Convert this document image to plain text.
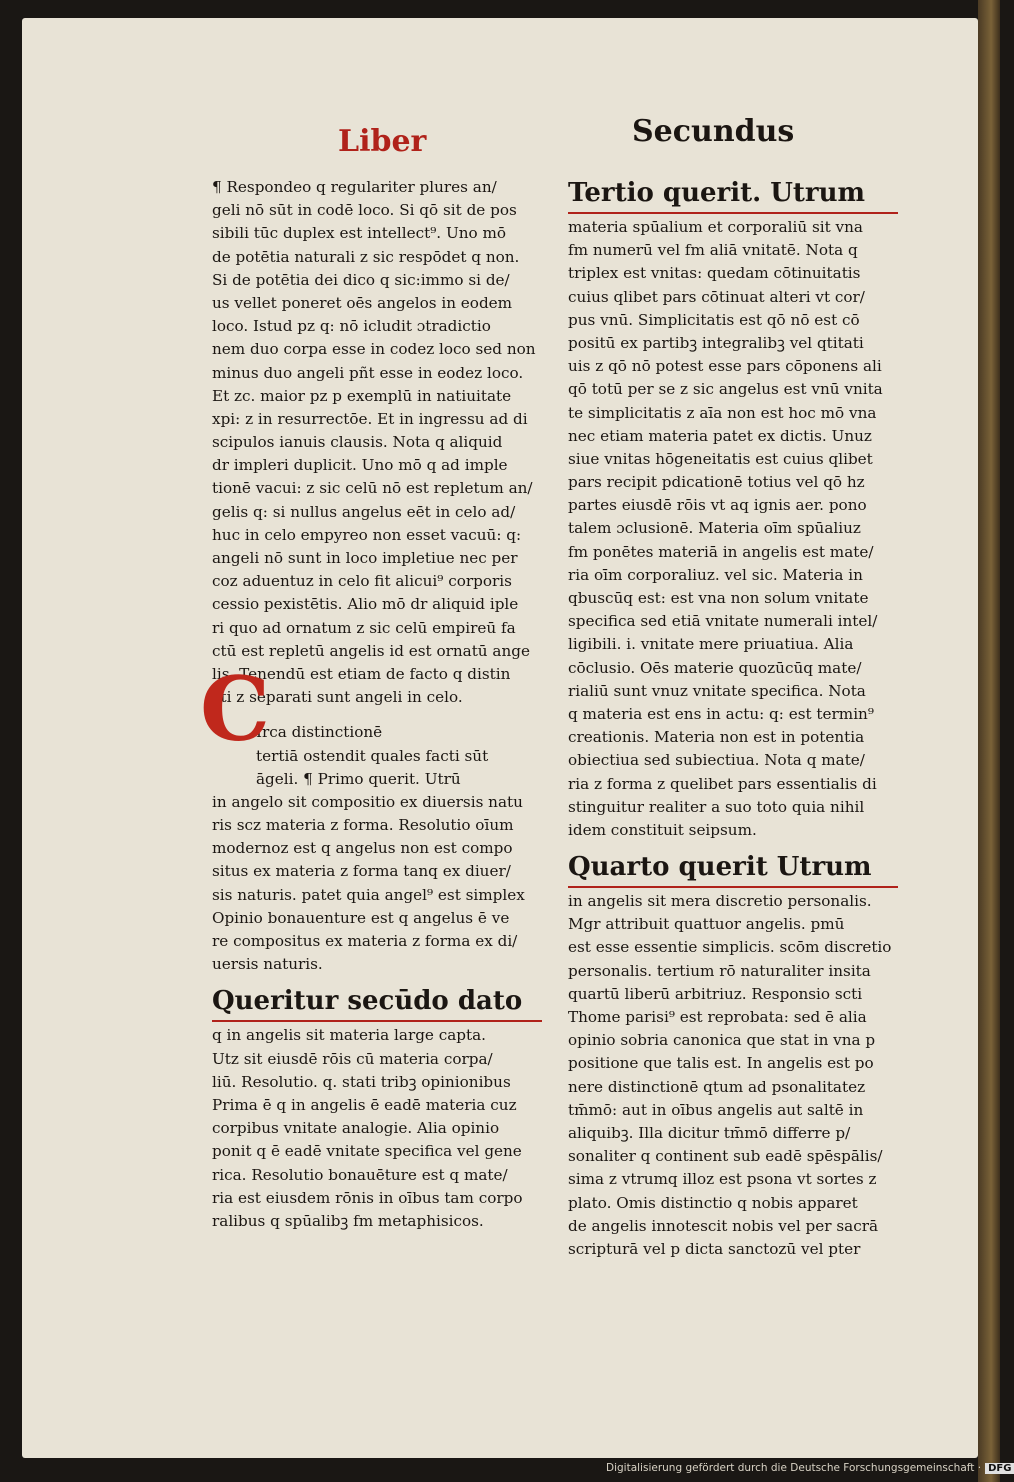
Liber	Secundus
¶ Respondeo q regulariter plures an/
geli nō sūt in codē loco. Si qō sit de pos
sibili tūc duplex est intellect⁹. Uno mō
de potētia naturali z sic respōdet q non.
Si de potētia dei dico q sic:immo si de/
us vellet poneret oēs angelos in eodem
loco. Istud pz q: nō icludit ɔtradictio
nem duo corpa esse in codez loco sed non
minus duo angeli pñt esse in eodez loco.
Et zc. maior pz p exemplū in natiuitate
xpi: z in resurrectōe. Et in ingressu ad di
scipulos ianuis clausis. Nota q aliquid
dr impleri duplicit. Uno mō q ad imple
tionē vacui: z sic celū nō est repletum an/
gelis q: si nullus angelus eēt in celo ad/
huc in celo empyreo non esset vacuū: q:
angeli nō sunt in loco impletiue nec per
coz aduentuz in celo fit alicui⁹ corporis
cessio pexistētis. Alio mō dr aliquid iple
ri quo ad ornatum z sic celū empireū fa
ctū est repletū angelis id est ornatū ange
lis. Tenendū est etiam de facto q distin
cti z separati sunt angeli in celo.
Irca distinctionē
tertiā ostendit quales facti sūt
āgeli. ¶ Primo querit. Utrū
in angelo sit compositio ex diuersis natu
ris scz materia z forma. Resolutio oīum
modernoz est q angelus non est compo
situs ex materia z forma tanq ex diuer/
sis naturis. patet quia angel⁹ est simplex
Opinio bonauenture est q angelus ē ve
re compositus ex materia z forma ex di/
uersis naturis.
Queritur secūdo dato
q in angelis sit materia large capta.
Utz sit eiusdē rōis cū materia corpa/
liū. Resolutio. q. stati tribꝫ opinionibus
Prima ē q in angelis ē eadē materia cuz
corpibus vnitate analogie. Alia opinio
ponit q ē eadē vnitate specifica vel gene
rica. Resolutio bonauēture est q mate/
ria est eiusdem rōnis in oībus tam corpo
ralibus q spūalibꝫ fm metaphisicos.
C
Tertio querit. Utrum
materia spūalium et corporaliū sit vna
fm numerū vel fm aliā vnitatē. Nota q
triplex est vnitas: quedam cōtinuitatis
cuius qlibet pars cōtinuat alteri vt cor/
pus vnū. Simplicitatis est qō nō est cō
positū ex partibꝫ integralibꝫ vel qtitati
uis z qō nō potest esse pars cōponens ali
qō totū per se z sic angelus est vnū vnita
te simplicitatis z aīa non est hoc mō vna
nec etiam materia patet ex dictis. Unuz
siue vnitas hōgeneitatis est cuius qlibet
pars recipit pdicationē totius vel qō hz
partes eiusdē rōis vt aq ignis aer. pono
talem ɔclusionē. Materia oīm spūaliuz
fm ponētes materiā in angelis est mate/
ria oīm corporaliuz. vel sic. Materia in
qbuscūq est: est vna non solum vnitate
specifica sed etiā vnitate numerali intel/
ligibili. i. vnitate mere priuatiua. Alia
cōclusio. Oēs materie quozūcūq mate/
rialiū sunt vnuz vnitate specifica. Nota
q materia est ens in actu: q: est termin⁹
creationis. Materia non est in potentia
obiectiua sed subiectiua. Nota q mate/
ria z forma z quelibet pars essentialis di
stinguitur realiter a suo toto quia nihil
idem constituit seipsum.
Quarto querit Utrum
in angelis sit mera discretio personalis.
Mgr attribuit quattuor angelis. pmū
est esse essentie simplicis. scōm discretio
personalis. tertium rō naturaliter insita
quartū liberū arbitriuz. Responsio scti
Thome parisi⁹ est reprobata: sed ē alia
opinio sobria canonica que stat in vna p
positione que talis est. In angelis est po
nere distinctionē qtum ad psonalitatez
tm̄mō: aut in oībus angelis aut saltē in
aliquibꝫ. Illa dicitur tm̄mō differre p/
sonaliter q continent sub eadē spēspālis/
sima z vtrumq illoz est psona vt sortes z
plato. Omis distinctio q nobis apparet
de angelis innotescit nobis vel per sacrā
scripturā vel p dicta sanctozū vel pter
Digitalisierung gefördert durch die Deutsche Forschungsgemeinschaft · DFG
